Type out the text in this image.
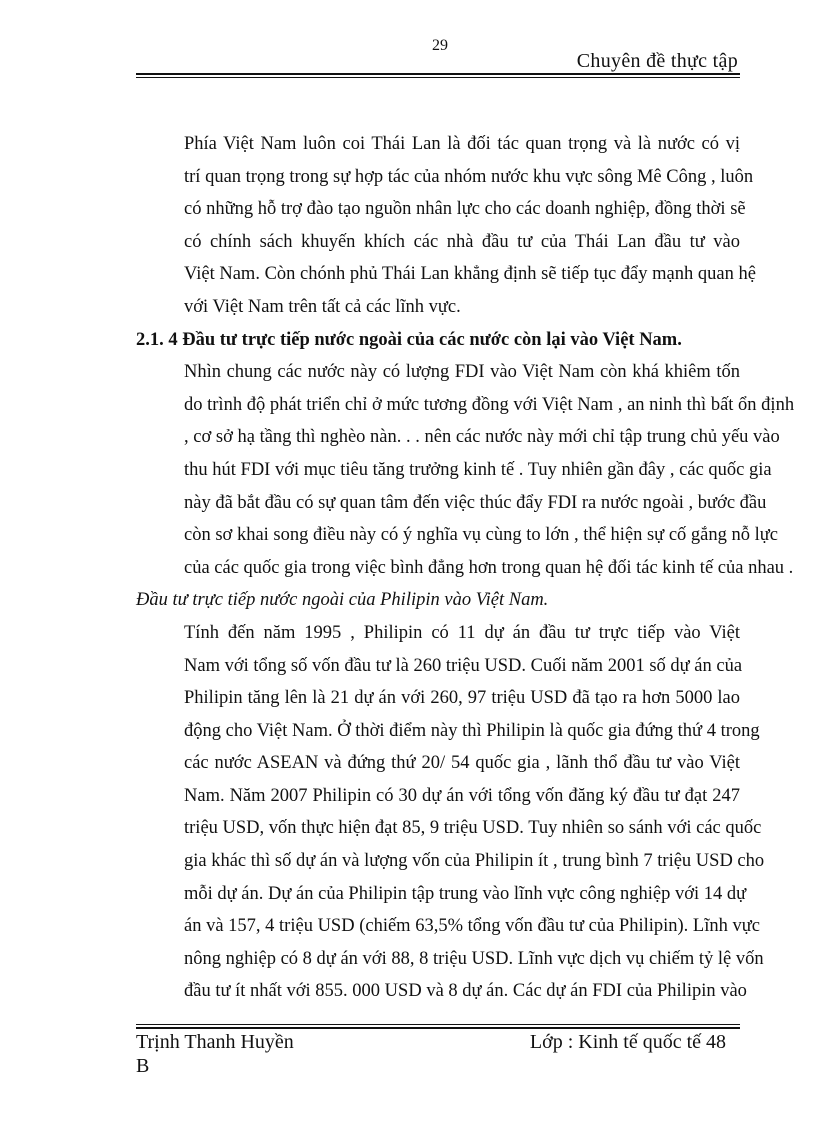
29
Chuyên đề thực tập

Phía Việt Nam luôn coi Thái Lan là đối tác quan trọng và là nước có vị
trí quan trọng trong sự hợp tác của nhóm nước khu vực sông Mê Công , luôn
có những hỗ trợ đào tạo nguồn nhân lực cho các doanh nghiệp, đồng thời sẽ

có chính sách khuyến khích các nhà đầu tư của Thái Lan đầu tư vào
Việt Nam. Còn chónh phủ Thái Lan khẳng định sẽ tiếp tục đẩy mạnh quan hệ
với Việt Nam trên tất cả các lĩnh vực.

2.1. 4 Đầu tư trực tiếp nước ngoài của các nước còn lại vào Việt Nam.

Nhìn chung các nước này có lượng FDI vào Việt Nam còn khá khiêm tốn
do trình độ phát triển chỉ ở mức tương đồng với Việt Nam , an ninh thì bất ổn định
, cơ sở hạ tầng thì nghèo nàn. . . nên các nước này mới chỉ tập trung chủ yếu vào
thu hút FDI với mục tiêu tăng trưởng kinh tế . Tuy nhiên gần đây , các quốc gia
này đã bắt đầu có sự quan tâm đến việc thúc đẩy FDI ra nước ngoài , bước đầu
còn sơ khai song điều này có ý nghĩa vụ cùng to lớn , thể hiện sự cố gắng nỗ lực
của các quốc gia trong việc bình đẳng hơn trong quan hệ đối tác kinh tế của nhau .

Đầu tư trực tiếp nước ngoài của Philipin vào Việt Nam.

Tính đến năm 1995 , Philipin có 11 dự án đầu tư trực tiếp vào Việt
Nam với tổng số vốn đầu tư là 260 triệu USD. Cuối năm 2001 số dự án của
Philipin tăng lên là 21 dự án với 260, 97 triệu USD đã tạo ra hơn 5000 lao
động cho Việt Nam. Ở thời điểm này thì Philipin là quốc gia đứng thứ 4 trong
các nước ASEAN và đứng thứ 20/ 54 quốc gia , lãnh thổ đầu tư vào Việt
Nam. Năm 2007 Philipin có 30 dự án với tổng vốn đăng ký đầu tư đạt 247
triệu USD, vốn thực hiện đạt 85, 9 triệu USD. Tuy nhiên so sánh với các quốc
gia khác thì số dự án và lượng vốn của Philipin ít , trung bình 7 triệu USD cho
mỗi dự án. Dự án của Philipin tập trung vào lĩnh vực công nghiệp với 14 dự
án và 157, 4 triệu USD (chiếm 63,5% tổng vốn đầu tư của Philipin). Lĩnh vực
nông nghiệp có 8 dự án với 88, 8 triệu USD. Lĩnh vực dịch vụ chiếm tỷ lệ vốn
đầu tư ít nhất với 855. 000 USD và 8 dự án. Các dự án FDI của Philipin vào

Trịnh Thanh Huyền
B
Lớp : Kinh tế quốc tế 48
